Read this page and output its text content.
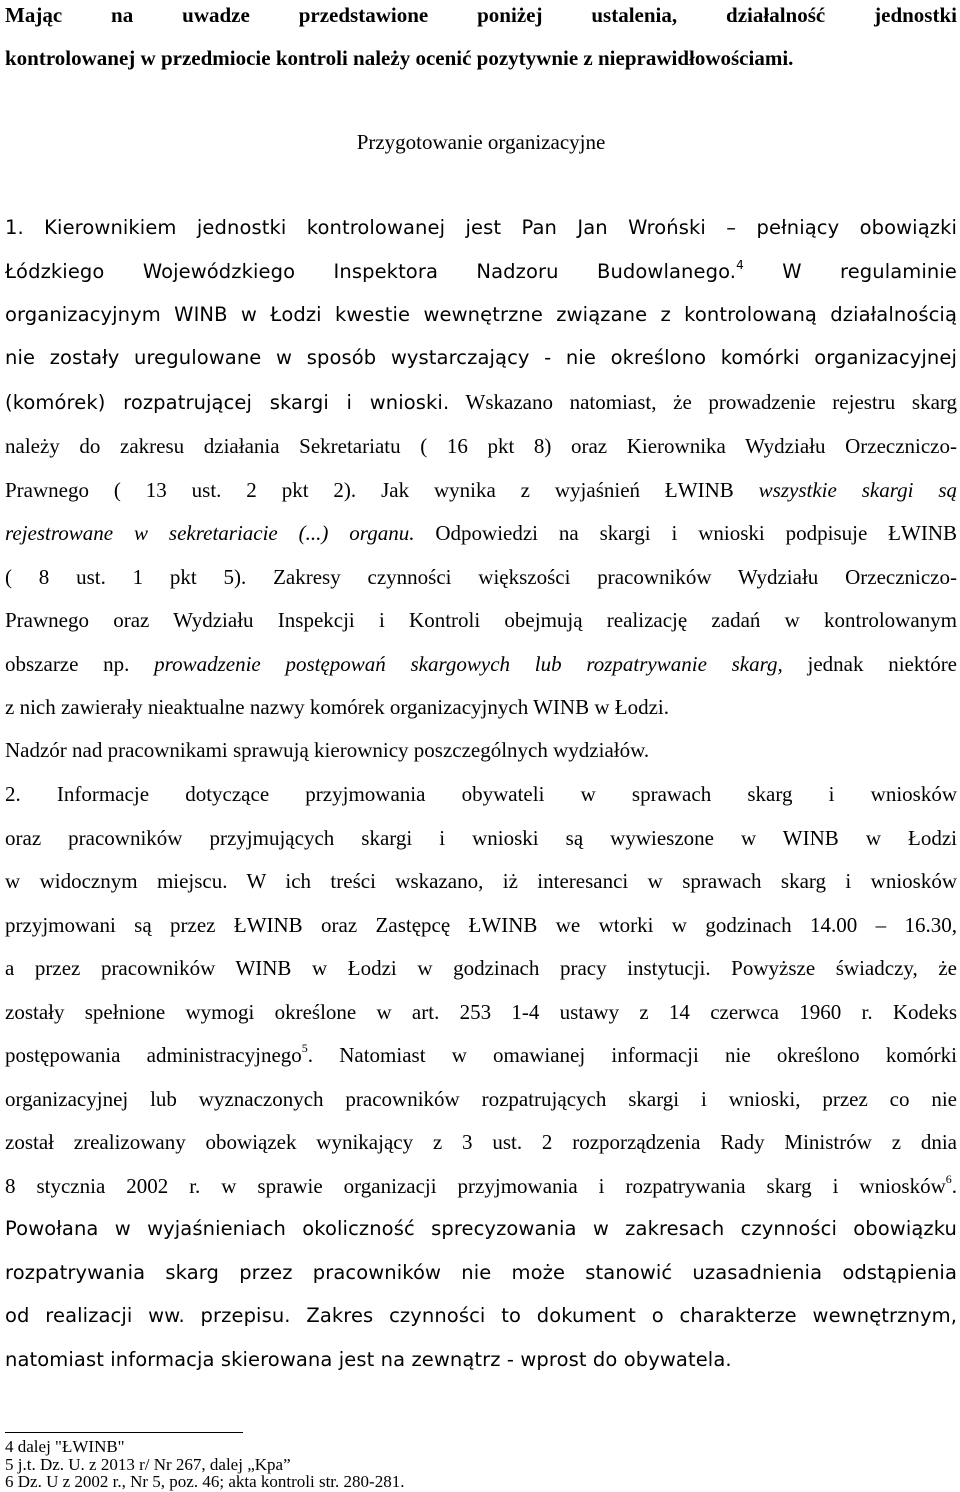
Mając na uwadze przedstawione poniżej ustalenia, działalność jednostki
kontrolowanej w przedmiocie kontroli należy ocenić pozytywnie z nieprawidłowościami.
Przygotowanie organizacyjne
1. Kierownikiem jednostki kontrolowanej jest Pan Jan Wroński – pełniący obowiązki
Łódzkiego Wojewódzkiego Inspektora Nadzoru Budowlanego.$^4$ W regulaminie
organizacyjnym WINB w Łodzi kwestie wewnętrzne związane z kontrolowaną działalnością
nie zostały uregulowane w sposób wystarczający - nie określono komórki organizacyjnej
(komórek) rozpatrującej skargi i wnioski. Wskazano natomiast, że prowadzenie rejestru skarg
należy do zakresu działania Sekretariatu ( 16 pkt 8) oraz Kierownika Wydziału Orzeczniczo-
Prawnego ( 13 ust. 2 pkt 2). Jak wynika z wyjaśnień ŁWINB wszystkie skargi są
rejestrowane w sekretariacie (...) organu. Odpowiedzi na skargi i wnioski podpisuje ŁWINB
( 8 ust. 1 pkt 5). Zakresy czynności większości pracowników Wydziału Orzeczniczo-
Prawnego oraz Wydziału Inspekcji i Kontroli obejmują realizację zadań w kontrolowanym
obszarze np. prowadzenie postępowań skargowych lub rozpatrywanie skarg, jednak niektóre
z nich zawierały nieaktualne nazwy komórek organizacyjnych WINB w Łodzi.
Nadzór nad pracownikami sprawują kierownicy poszczególnych wydziałów.
2. Informacje dotyczące przyjmowania obywateli w sprawach skarg i wniosków
oraz pracowników przyjmujących skargi i wnioski są wywieszone w WINB w Łodzi
w widocznym miejscu. W ich treści wskazano, iż interesanci w sprawach skarg i wniosków
przyjmowani są przez ŁWINB oraz Zastępcę ŁWINB we wtorki w godzinach 14.00 – 16.30,
a przez pracowników WINB w Łodzi w godzinach pracy instytucji. Powyższe świadczy, że
zostały spełnione wymogi określone w art. 253 1-4 ustawy z 14 czerwca 1960 r. Kodeks
postępowania administracyjnego$^5$. Natomiast w omawianej informacji nie określono komórki
organizacyjnej lub wyznaczonych pracowników rozpatrujących skargi i wnioski, przez co nie
został zrealizowany obowiązek wynikający z 3 ust. 2 rozporządzenia Rady Ministrów z dnia
8 stycznia 2002 r. w sprawie organizacji przyjmowania i rozpatrywania skarg i wniosków$^6$.
Powołana w wyjaśnieniach okoliczność sprecyzowania w zakresach czynności obowiązku
rozpatrywania skarg przez pracowników nie może stanowić uzasadnienia odstąpienia
od realizacji ww. przepisu. Zakres czynności to dokument o charakterze wewnętrznym,
natomiast informacja skierowana jest na zewnątrz - wprost do obywatela.
4 dalej "ŁWINB"
5 j.t. Dz. U. z 2013 r/ Nr 267, dalej „Kpa”
6 Dz. U z 2002 r., Nr 5, poz. 46; akta kontroli str. 280-281.
